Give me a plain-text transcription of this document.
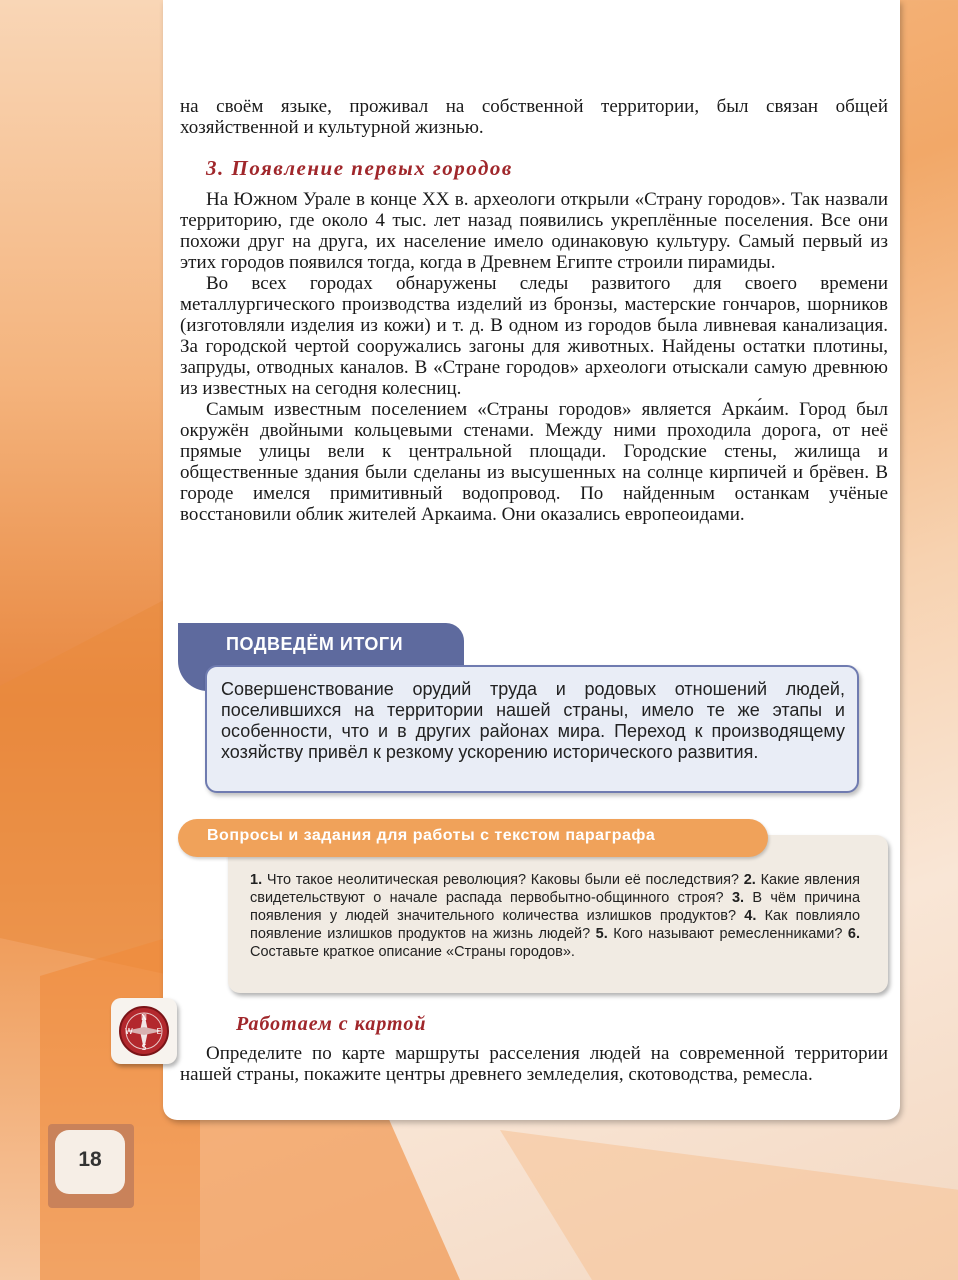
на своём языке, проживал на собственной территории, был связан общей хозяйственной и культурной жизнью.

3. Появление первых городов

На Южном Урале в конце XX в. археологи открыли «Страну городов». Так назвали территорию, где около 4 тыс. лет назад появились укреплённые поселения. Все они похожи друг на друга, их население имело одинаковую культуру. Самый первый из этих городов появился тогда, когда в Древнем Египте строили пирамиды.

Во всех городах обнаружены следы развитого для своего времени металлургического производства изделий из бронзы, мастерские гончаров, шорников (изготовляли изделия из кожи) и т. д. В одном из городов была ливневая канализация. За городской чертой сооружались загоны для животных. Найдены остатки плотины, запруды, отводных каналов. В «Стране городов» археологи отыскали самую древнюю из известных на сегодня колесниц.

Самым известным поселением «Страны городов» является Арка́им. Город был окружён двойными кольцевыми стенами. Между ними проходила дорога, от неё прямые улицы вели к центральной площади. Городские стены, жилища и общественные здания были сделаны из высушенных на солнце кирпичей и брёвен. В городе имелся примитивный водопровод. По найденным останкам учёные восстановили облик жителей Аркаима. Они оказались европеоидами.

ПОДВЕДЁМ ИТОГИ
Совершенствование орудий труда и родовых отношений людей, поселившихся на территории нашей страны, имело те же этапы и особенности, что и в других районах мира. Переход к производящему хозяйству привёл к резкому ускорению исторического развития.
Вопросы и задания для работы с текстом параграфа
1. Что такое неолитическая революция? Каковы были её последствия? 2. Какие явления свидетельствуют о начале распада первобытно-общинного строя? 3. В чём причина появления у людей значительного количества излишков продуктов? 4. Как повлияло появление излишков продуктов на жизнь людей? 5. Кого называют ремесленниками? 6. Составьте краткое описание «Страны городов».
N
S
W	E	Работаем с картой

Определите по карте маршруты расселения людей на современной территории нашей страны, покажите центры древнего земледелия, скотоводства, ремесла.

18
